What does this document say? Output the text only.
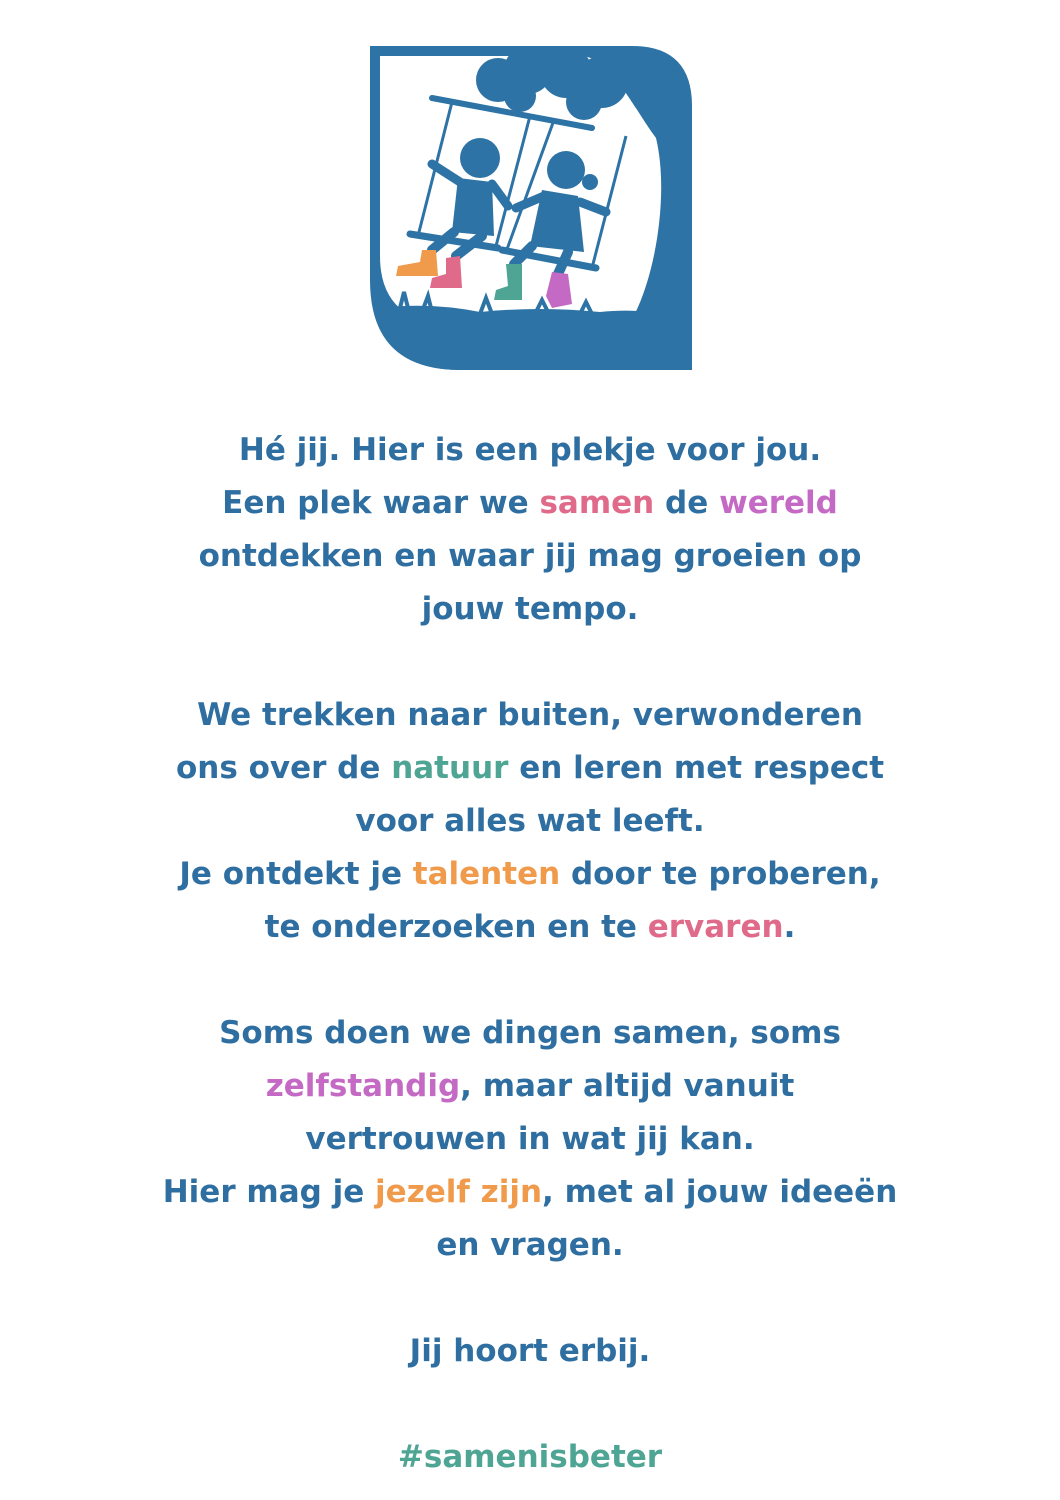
Hé jij. Hier is een plekje voor jou.
Een plek waar we samen de wereld
ontdekken en waar jij mag groeien op
jouw tempo.
We trekken naar buiten, verwonderen
ons over de natuur en leren met respect
voor alles wat leeft.
Je ontdekt je talenten door te proberen,
te onderzoeken en te ervaren.
Soms doen we dingen samen, soms
zelfstandig, maar altijd vanuit
vertrouwen in wat jij kan.
Hier mag je jezelf zijn, met al jouw ideeën
en vragen.
Jij hoort erbij.
#samenisbeter
